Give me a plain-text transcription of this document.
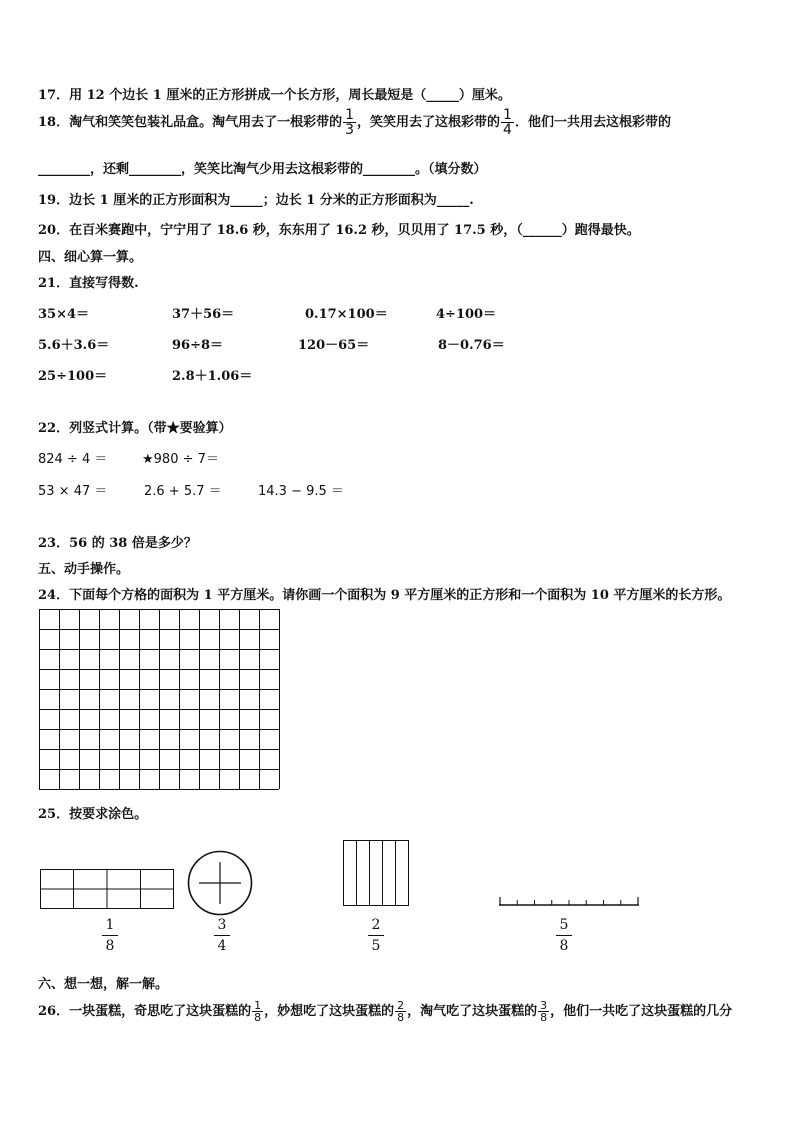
17．用 12 个边长 1 厘米的正方形拼成一个长方形，周长最短是（_____）厘米。
18．淘气和笑笑包装礼品盒。淘气用去了一根彩带的 $\frac{1}{3}$ ，笑笑用去了这根彩带的 $\frac{1}{4}$ ．他们一共用去这根彩带的
________，还剩________，笑笑比淘气少用去这根彩带的________。（填分数）
19．边长 1 厘米的正方形面积为_____；边长 1 分米的正方形面积为_____.
20．在百米赛跑中，宁宁用了 18.6 秒，东东用了 16.2 秒，贝贝用了 17.5 秒，（______）跑得最快。
四、细心算一算。
21．直接写得数.
35×4＝	37＋56＝	0.17×100＝	4÷100＝
5.6＋3.6＝	96÷8＝	120－65＝	8－0.76＝
25÷100＝	2.8＋1.06＝
22．列竖式计算。（带★要验算）
824 ÷ 4 ＝	★980 ÷ 7＝
53 × 47 ＝	2.6 + 5.7 ＝	14.3 − 9.5 ＝
23．56 的 38 倍是多少？
五、动手操作。
24．下面每个方格的面积为 1 平方厘米。请你画一个面积为 9 平方厘米的正方形和一个面积为 10 平方厘米的长方形。
25．按要求涂色。
$\frac{1}{8}$	$\frac{3}{4}$	$\frac{2}{5}$	$\frac{5}{8}$
六、想一想，解一解。
26．一块蛋糕，奇思吃了这块蛋糕的 $\frac{1}{8}$ ，妙想吃了这块蛋糕的 $\frac{2}{8}$ ，淘气吃了这块蛋糕的 $\frac{3}{8}$ ，他们一共吃了这块蛋糕的几分
